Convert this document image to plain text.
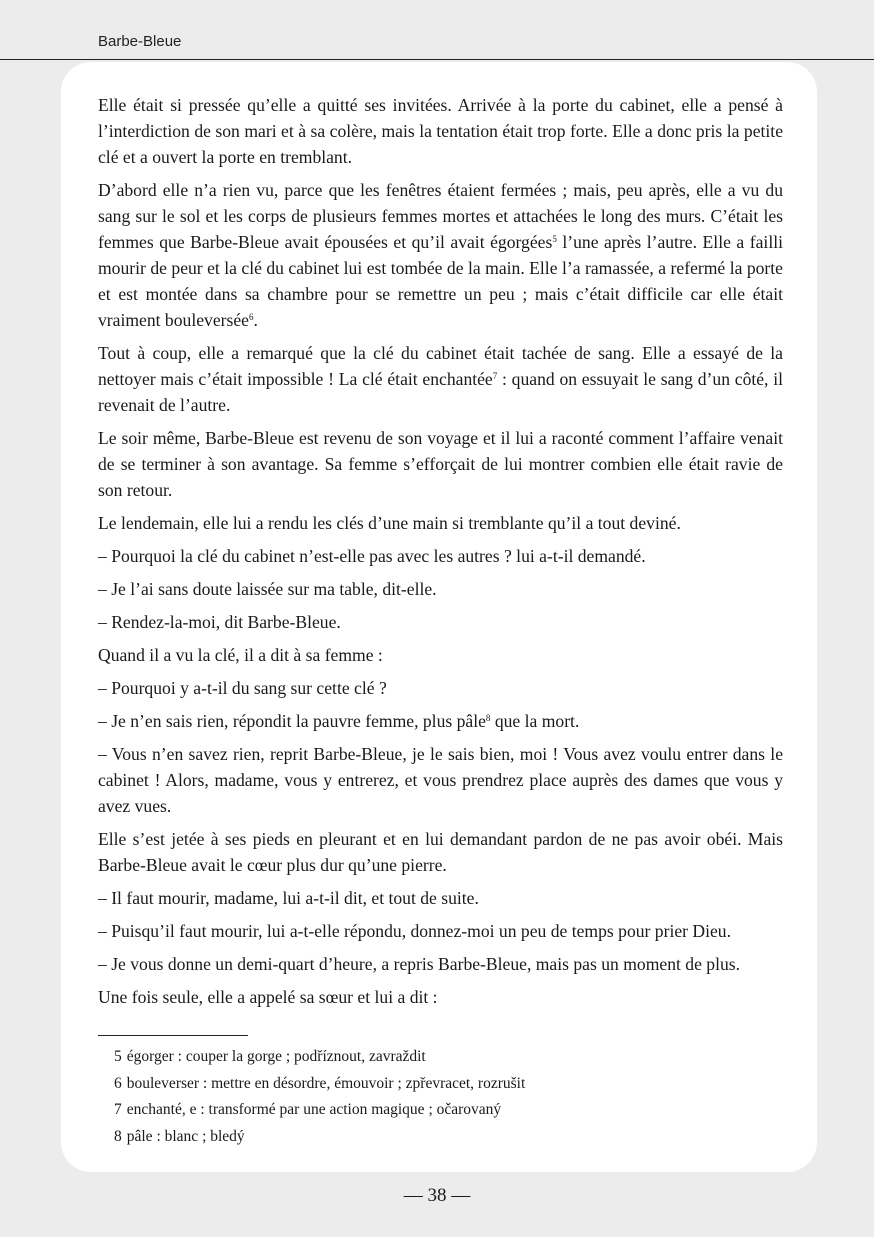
Barbe-Bleue

Elle était si pressée qu’elle a quitté ses invitées. Arrivée à la porte du cabinet, elle a pensé à l’interdiction de son mari et à sa colère, mais la tentation était trop forte. Elle a donc pris la petite clé et a ouvert la porte en tremblant.

D’abord elle n’a rien vu, parce que les fenêtres étaient fermées ; mais, peu après, elle a vu du sang sur le sol et les corps de plusieurs femmes mortes et attachées le long des murs. C’était les femmes que Barbe-Bleue avait épousées et qu’il avait égorgées$^5$ l’une après l’autre. Elle a failli mourir de peur et la clé du cabinet lui est tombée de la main. Elle l’a ramassée, a refermé la porte et est montée dans sa chambre pour se remettre un peu ; mais c’était difficile car elle était vraiment bouleversée$^6$.

Tout à coup, elle a remarqué que la clé du cabinet était tachée de sang. Elle a essayé de la nettoyer mais c’était impossible ! La clé était enchantée$^7$ : quand on essuyait le sang d’un côté, il revenait de l’autre.

Le soir même, Barbe-Bleue est revenu de son voyage et il lui a raconté comment l’affaire venait de se terminer à son avantage. Sa femme s’efforçait de lui montrer combien elle était ravie de son retour.

Le lendemain, elle lui a rendu les clés d’une main si tremblante qu’il a tout deviné.

– Pourquoi la clé du cabinet n’est-elle pas avec les autres ? lui a-t-il demandé.

– Je l’ai sans doute laissée sur ma table, dit-elle.

– Rendez-la-moi, dit Barbe-Bleue.

Quand il a vu la clé, il a dit à sa femme :

– Pourquoi y a-t-il du sang sur cette clé ?

– Je n’en sais rien, répondit la pauvre femme, plus pâle$^8$ que la mort.

– Vous n’en savez rien, reprit Barbe-Bleue, je le sais bien, moi ! Vous avez voulu entrer dans le cabinet ! Alors, madame, vous y entrerez, et vous prendrez place auprès des dames que vous y avez vues.

Elle s’est jetée à ses pieds en pleurant et en lui demandant pardon de ne pas avoir obéi. Mais Barbe-Bleue avait le cœur plus dur qu’une pierre.

– Il faut mourir, madame, lui a-t-il dit, et tout de suite.

– Puisqu’il faut mourir, lui a-t-elle répondu, donnez-moi un peu de temps pour prier Dieu.

– Je vous donne un demi-quart d’heure, a repris Barbe-Bleue, mais pas un moment de plus.

Une fois seule, elle a appelé sa sœur et lui a dit :

5 égorger : couper la gorge ; podříznout, zavraždit
6 bouleverser : mettre en désordre, émouvoir ; zpřevracet, rozrušit
7 enchanté, e : transformé par une action magique ; očarovaný
8 pâle : blanc ; bledý
— 38 —
